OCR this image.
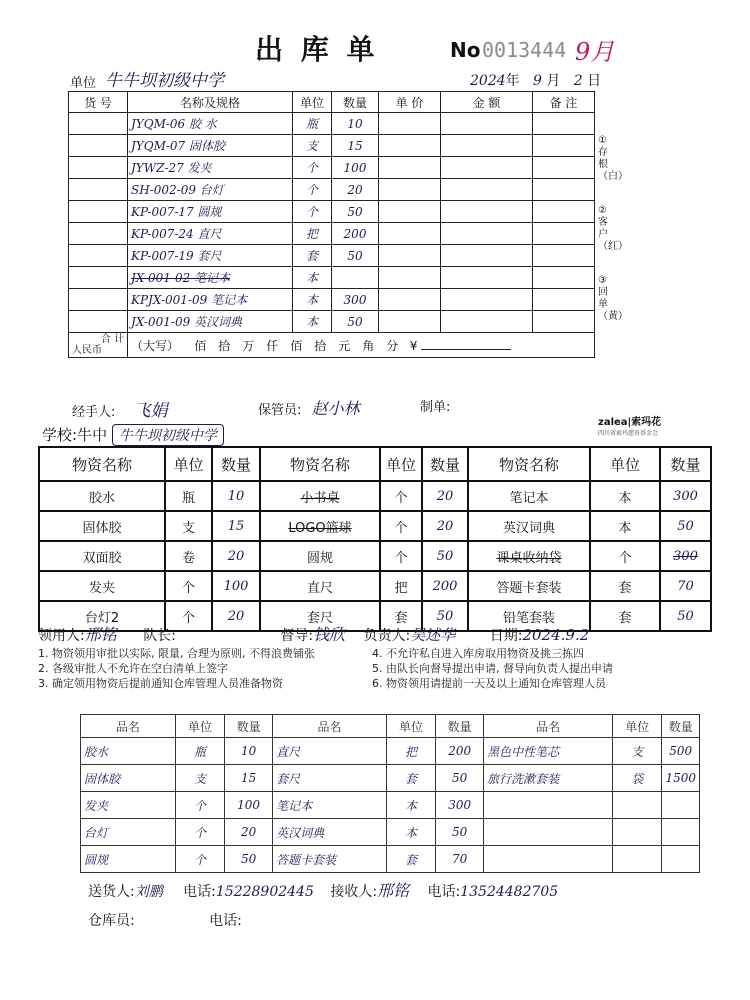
出 库 单	No 0013444 9月
单位 牛牛坝初级中学	2024年 9 月 2 日
货 号	名称及规格	单位	数量	单 价	金 额	备 注
	JYQM-06 胶 水	瓶	10			
	JYQM-07 固体胶	支	15			
	JYWZ-27 发夹	个	100			
	SH-002-09 台灯	个	20			
	KP-007-17 圆规	个	50			
	KP-007-24 直尺	把	200			
	KP-007-19 套尺	套	50			
	JX-001-02 笔记本	本				
	KPJX-001-09 笔记本	本	300			
	JX-001-09 英汉词典	本	50			

合 计
人民币	（大写） 佰　拾　万　仟　佰　拾　元　角　分 ¥					
①存根（白）
②客户（红）
③回单（黄）
经手人: 飞娟	保管员: 赵小林	制单:
zalea|索玛花
四川省索玛慈善基金会
学校:牛中 牛牛坝初级中学
物资名称	单位	数量	物资名称	单位	数量	物资名称	单位	数量
胶水	瓶	10	小书桌	个	20	笔记本	本	300
固体胶	支	15	LOGO篮球	个	20	英汉词典	本	50
双面胶	卷	20	圆规	个	50	课桌收纳袋	个	300
发夹	个	100	直尺	把	200	答题卡套装	套	70
台灯2	个	20	套尺	套	50	铅笔套装	套	50
领用人:邢铭 队长:	督导:钱欣 负责人:吴述华 日期:2024.9.2
1. 物资领用审批以实际, 限量, 合理为原则, 不得浪费铺张
2. 各级审批人不允许在空白清单上签字
3. 确定领用物资后提前通知仓库管理人员准备物资
4. 不允许私自进入库房取用物资及挑三拣四
5. 由队长向督导提出申请, 督导向负责人提出申请
6. 物资领用请提前一天及以上通知仓库管理人员
品名	单位	数量	品名	单位	数量	品名	单位	数量
胶水	瓶	10	直尺	把	200	黑色中性笔芯	支	500
固体胶	支	15	套尺	套	50	旅行洗漱套装	袋	1500
发夹	个	100	笔记本	本	300			
台灯	个	20	英汉词典	本	50			
圆规	个	50	答题卡套装	套	70			
送货人:刘鹏 电话:15228902445 接收人:邢铭 电话:13524482705
仓库员:	电话:
